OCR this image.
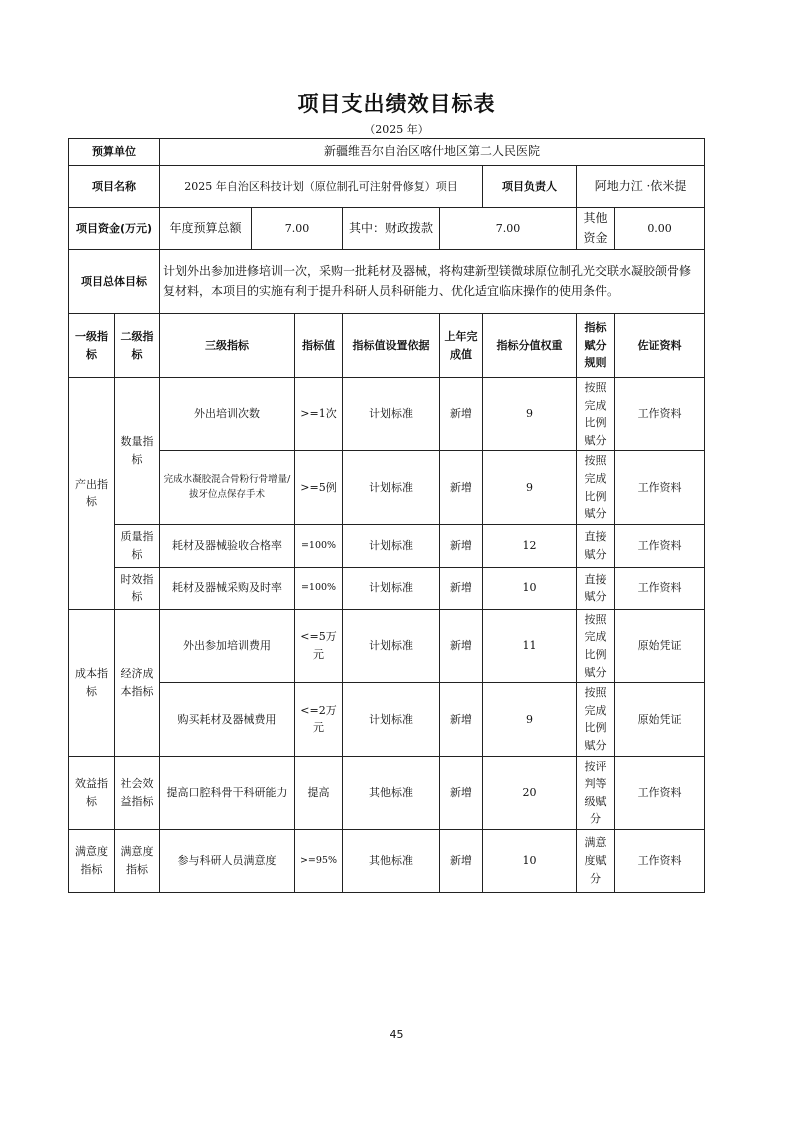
项目支出绩效目标表
（2025 年）
预算单位		新疆维吾尔自治区喀什地区第二人民医院							
项目名称		2025 年自治区科技计划（原位制孔可注射骨修复）项目					项目负责人	阿地力江 ·依米提	
项目资金(万元)		年度预算总额	7.00		其中：财政拨款	7.00		其他资金	0.00
项目总体目标		计划外出参加进修培训一次，采购一批耗材及器械，将构建新型镁微球原位制孔光交联水凝胶颌骨修复材料，本项目的实施有利于提升科研人员科研能力、优化适宜临床操作的使用条件。							
一级指标	二级指标	三级指标		指标值	指标值设置依据	上年完成值	指标分值权重	指标赋分规则	佐证资料
产出指标	数量指标	外出培训次数		>=1次	计划标准	新增	9	按照完成比例赋分	工作资料
		完成水凝胶混合骨粉行骨增量/拔牙位点保存手术		>=5例	计划标准	新增	9	按照完成比例赋分	工作资料
	质量指标	耗材及器械验收合格率		=100%	计划标准	新增	12	直接赋分	工作资料
	时效指标	耗材及器械采购及时率		=100%	计划标准	新增	10	直接赋分	工作资料
成本指标	经济成本指标	外出参加培训费用		<=5万元	计划标准	新增	11	按照完成比例赋分	原始凭证
		购买耗材及器械费用		<=2万元	计划标准	新增	9	按照完成比例赋分	原始凭证
效益指标	社会效益指标	提高口腔科骨干科研能力		提高	其他标准	新增	20	按评判等级赋分	工作资料
满意度指标	满意度指标	参与科研人员满意度		>=95%	其他标准	新增	10	满意度赋分	工作资料
45
